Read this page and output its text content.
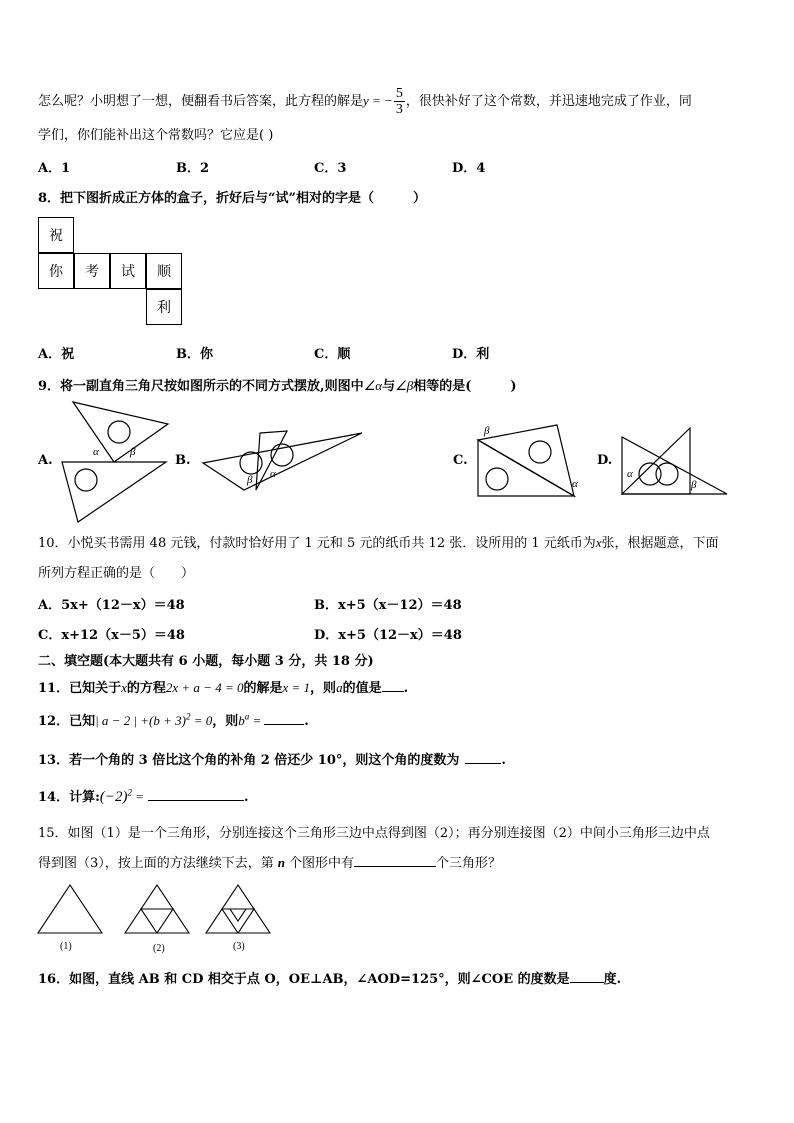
怎么呢？小明想了一想，便翻看书后答案，此方程的解是y = − $\frac{5}{3}$ ，很快补好了这个常数，并迅速地完成了作业，同
学们，你们能补出这个常数吗？它应是( )
A．1	B．2	C．3	D．4
8．把下图折成正方体的盒子，折好后与“试”相对的字是（　　　）
祝
你	考	试	顺
利
A．祝	B．你	C．顺	D．利
9．将一副直角三角尺按如图所示的不同方式摆放,则图中∠α与∠β相等的是(　　　)
A.
α	β
B.
β α
C.
β
α
D.
α
β
10．小悦买书需用 48 元钱，付款时恰好用了 1 元和 5 元的纸币共 12 张．设所用的 1 元纸币为x张，根据题意，下面
所列方程正确的是（　　）
A．5x+（12－x）＝48	B．x+5（x－12）＝48
C．x+12（x－5）＝48	D．x+5（12－x）＝48
二、填空题(本大题共有 6 小题，每小题 3 分，共 18 分)
11．已知关于x的方程2x + a − 4 = 0的解是x = 1，则a的值是 .
12．已知| a − 2 | $+(b + 3)^2 = 0$，则$b^a$ =	.
13．若一个角的 3 倍比这个角的补角 2 倍还少 10°，则这个角的度数为	.
14．计算$:(-2)^2$ =	.
15．如图（1）是一个三角形，分别连接这个三角形三边中点得到图（2）；再分别连接图（2）中间小三角形三边中点
得到图（3），按上面的方法继续下去，第 n 个图形中有	个三角形？
(1)	(2)	(3)
16．如图，直线 AB 和 CD 相交于点 O，OE⊥AB，∠AOD=125°，则∠COE 的度数是	度.
